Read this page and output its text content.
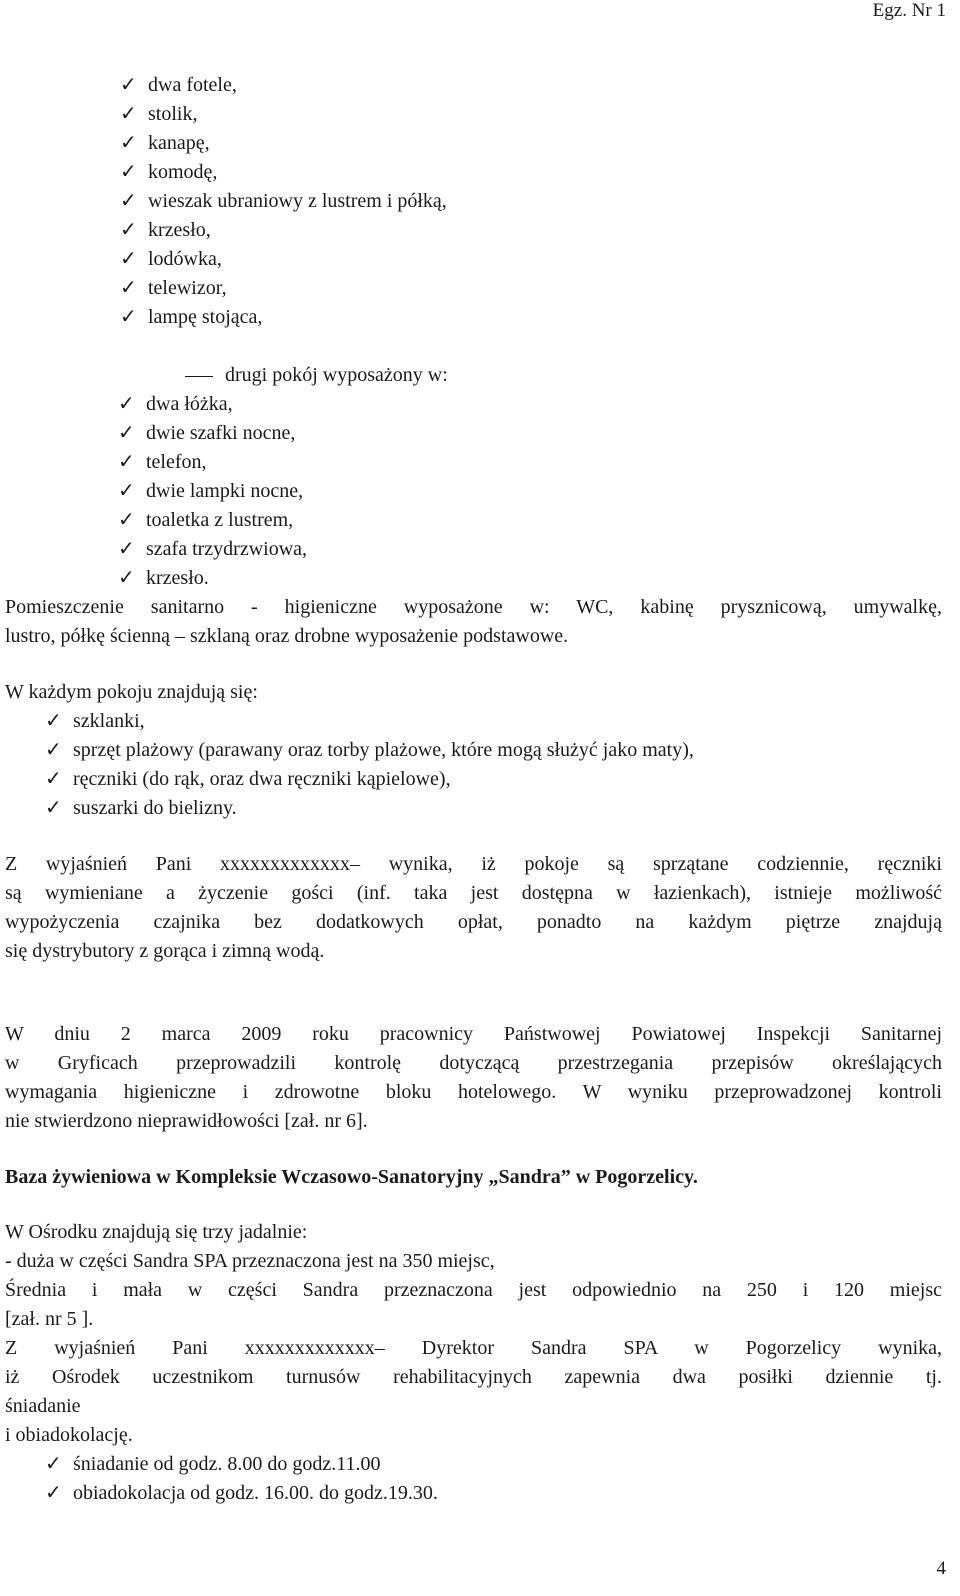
Egz. Nr 1
✓ dwa fotele,
✓ stolik,
✓ kanapę,
✓ komodę,
✓ wieszak ubraniowy z lustrem i półką,
✓ krzesło,
✓ lodówka,
✓ telewizor,
✓ lampę stojąca,
drugi pokój wyposażony w:
✓ dwa łóżka,
✓ dwie szafki nocne,
✓ telefon,
✓ dwie lampki nocne,
✓ toaletka z lustrem,
✓ szafa trzydrzwiowa,
✓ krzesło.
Pomieszczenie sanitarno - higieniczne wyposażone w: WC, kabinę prysznicową, umywalkę,
lustro, półkę ścienną – szklaną oraz drobne wyposażenie podstawowe.
W każdym pokoju znajdują się:
✓ szklanki,
✓ sprzęt plażowy (parawany oraz torby plażowe, które mogą służyć jako maty),
✓ ręczniki (do rąk, oraz dwa ręczniki kąpielowe),
✓ suszarki do bielizny.
Z wyjaśnień Pani xxxxxxxxxxxxx– wynika, iż pokoje są sprzątane codziennie, ręczniki
są wymieniane a życzenie gości (inf. taka jest dostępna w łazienkach), istnieje możliwość
wypożyczenia czajnika bez dodatkowych opłat, ponadto na każdym piętrze znajdują
się dystrybutory z gorąca i zimną wodą.
W dniu 2 marca 2009 roku pracownicy Państwowej Powiatowej Inspekcji Sanitarnej
w Gryficach przeprowadzili kontrolę dotyczącą przestrzegania przepisów określających
wymagania higieniczne i zdrowotne bloku hotelowego. W wyniku przeprowadzonej kontroli
nie stwierdzono nieprawidłowości [zał. nr 6].
Baza żywieniowa w Kompleksie Wczasowo-Sanatoryjny „Sandra” w Pogorzelicy.
W Ośrodku znajdują się trzy jadalnie:
- duża w części Sandra SPA przeznaczona jest na 350 miejsc,
Średnia i mała w części Sandra przeznaczona jest odpowiednio na 250 i 120 miejsc
[zał. nr 5 ].
Z wyjaśnień Pani xxxxxxxxxxxxx– Dyrektor Sandra SPA w Pogorzelicy wynika,
iż Ośrodek uczestnikom turnusów rehabilitacyjnych zapewnia dwa posiłki dziennie tj.
śniadanie
i obiadokolację.
✓ śniadanie od godz. 8.00 do godz.11.00
✓ obiadokolacja od godz. 16.00. do godz.19.30.
4
